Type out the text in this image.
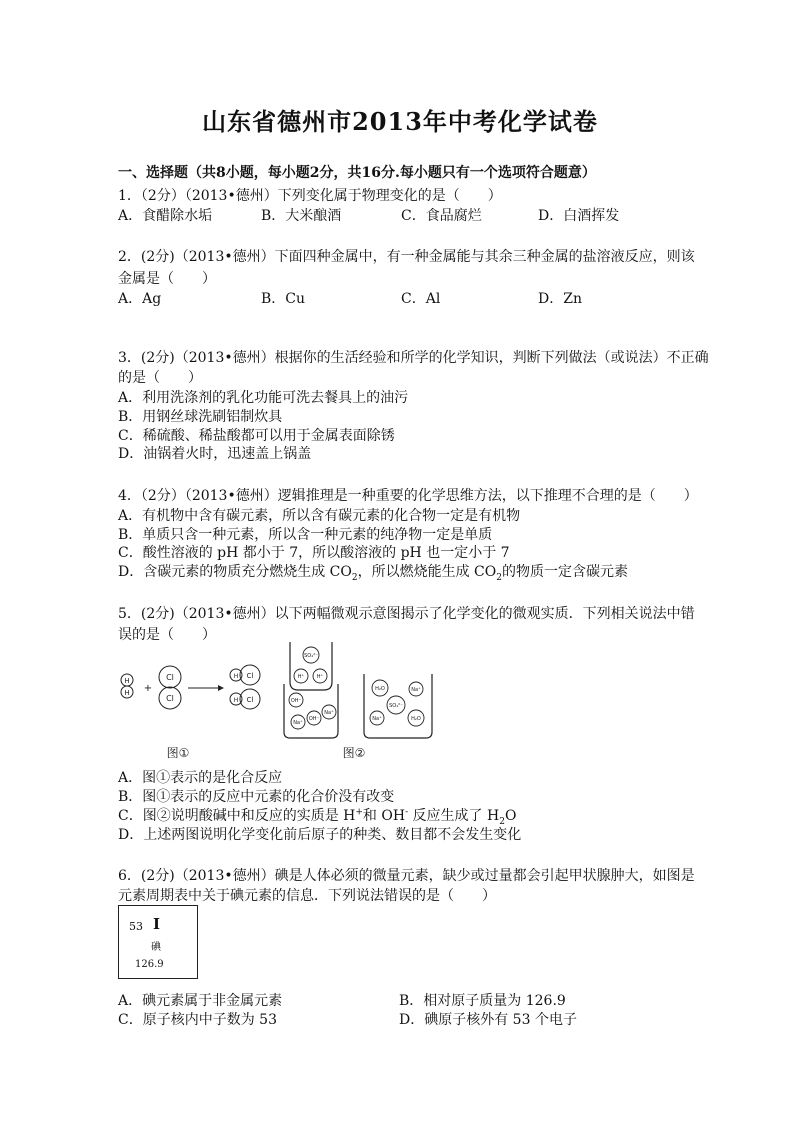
山东省德州市2013年中考化学试卷
一、选择题（共8小题，每小题2分，共16分.每小题只有一个选项符合题意）
1．（2分）（2013•德州）下列变化属于物理变化的是（　　）
A．食醋除水垢	B．大米酿酒	C．食品腐烂	D．白酒挥发
2．(2分)（2013•德州）下面四种金属中，有一种金属能与其余三种金属的盐溶液反应，则该
金属是（　　）
A．Ag	B．Cu	C．Al	D．Zn
3．(2分)（2013•德州）根据你的生活经验和所学的化学知识，判断下列做法（或说法）不正确
的是（　　）
A．利用洗涤剂的乳化功能可洗去餐具上的油污
B．用钢丝球洗刷铝制炊具
C．稀硫酸、稀盐酸都可以用于金属表面除锈
D．油锅着火时，迅速盖上锅盖
4．（2分）（2013•德州）逻辑推理是一种重要的化学思维方法，以下推理不合理的是（　　）
A．有机物中含有碳元素，所以含有碳元素的化合物一定是有机物
B．单质只含一种元素，所以含一种元素的纯净物一定是单质
C．酸性溶液的 pH 都小于 7，所以酸溶液的 pH 也一定小于 7
D．含碳元素的物质充分燃烧生成 $CO_2$，所以燃烧能生成 $CO_2$的物质一定含碳元素
5．(2分)（2013•德州）以下两幅微观示意图揭示了化学变化的微观实质．下列相关说法中错
误的是（　　）
H
H +
Cl
Cl
H Cl
H Cl
图①
SO₄²⁻
H⁺	H⁺
OH⁻
OH⁻
Na⁺
Na⁺
H₂O	Na⁺
SO₄²⁻
Na⁺	H₂O
图②
A．图①表示的是化合反应
B．图①表示的反应中元素的化合价没有改变
C．图②说明酸碱中和反应的实质是 H+和 OH- 反应生成了 $H_2O$
D．上述两图说明化学变化前后原子的种类、数目都不会发生变化
6．(2分)（2013•德州）碘是人体必须的微量元素，缺少或过量都会引起甲状腺肿大，如图是
元素周期表中关于碘元素的信息．下列说法错误的是（　　）
53 I
碘
126.9
A．碘元素属于非金属元素	B．相对原子质量为 126.9
C．原子核内中子数为 53	D．碘原子核外有 53 个电子
